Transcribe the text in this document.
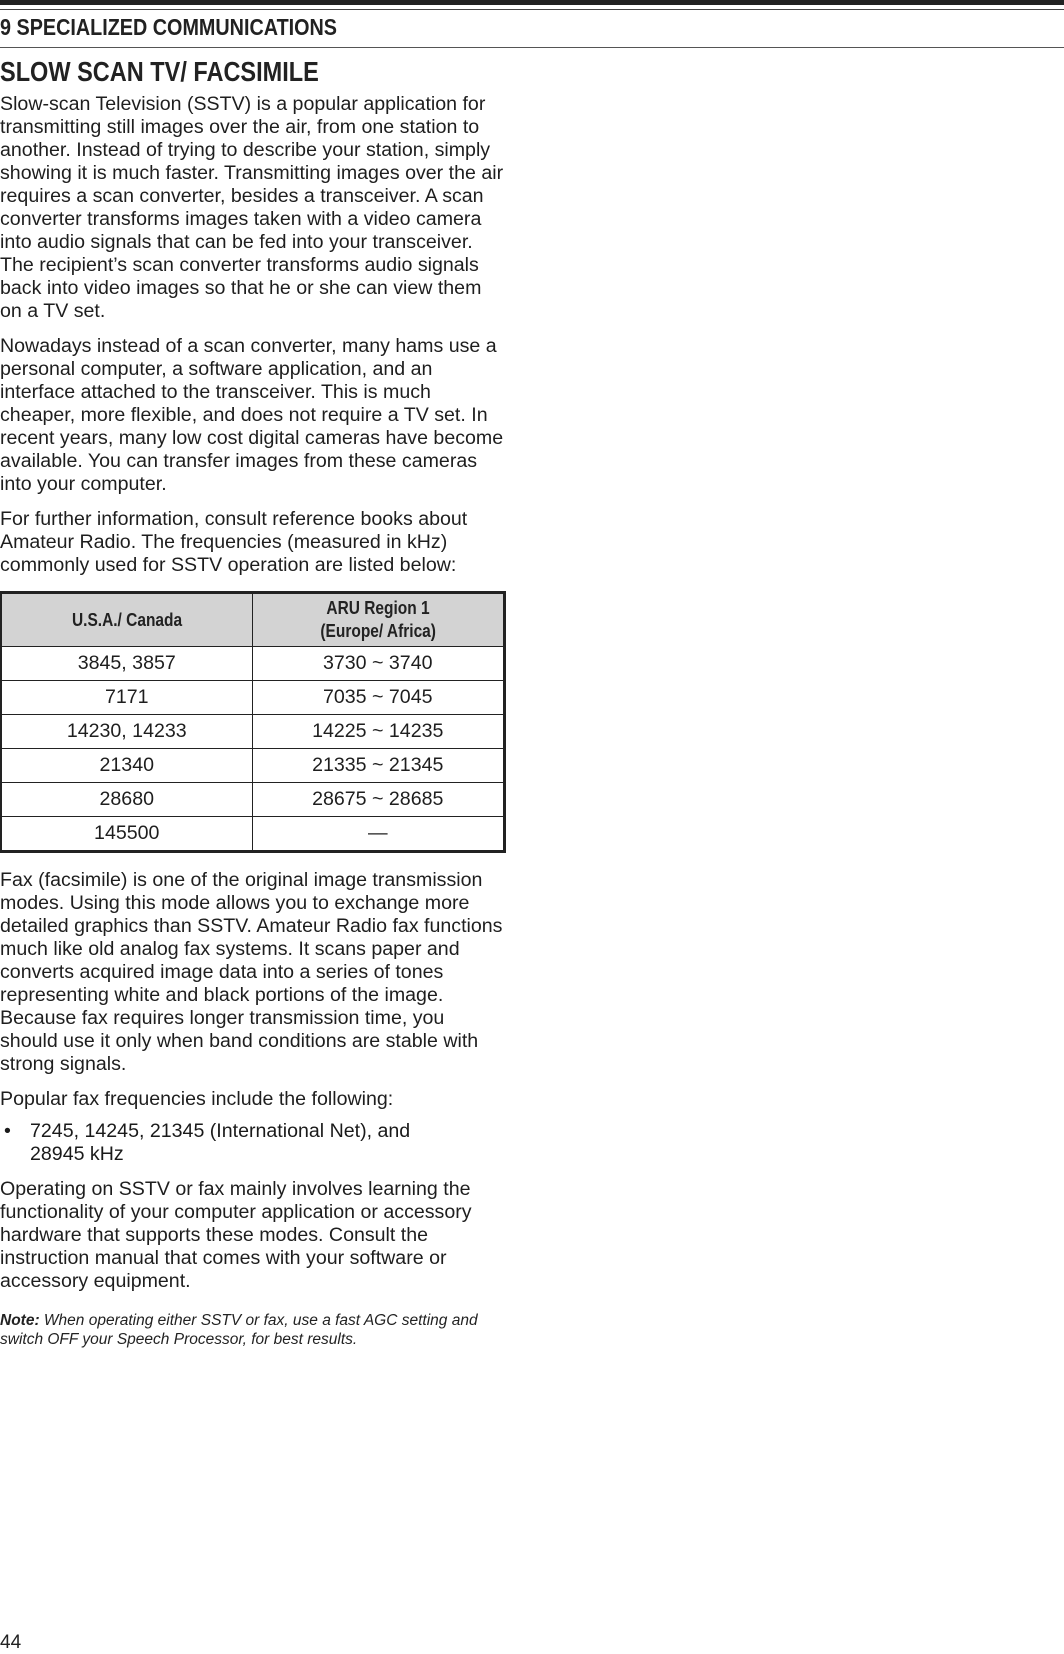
9 SPECIALIZED COMMUNICATIONS
SLOW SCAN TV/ FACSIMILE

Slow-scan Television (SSTV) is a popular application for transmitting still images over the air, from one station to another. Instead of trying to describe your station, simply showing it is much faster. Transmitting images over the air requires a scan converter, besides a transceiver. A scan converter transforms images taken with a video camera into audio signals that can be fed into your transceiver. The recipient’s scan converter transforms audio signals back into video images so that he or she can view them on a TV set.

Nowadays instead of a scan converter, many hams use a personal computer, a software application, and an interface attached to the transceiver. This is much cheaper, more flexible, and does not require a TV set. In recent years, many low cost digital cameras have become available. You can transfer images from these cameras into your computer.

For further information, consult reference books about Amateur Radio. The frequencies (measured in kHz) commonly used for SSTV operation are listed below:

U.S.A./ Canada	ARU Region 1
(Europe/ Africa)
3845, 3857	3730 ~ 3740
7171	7035 ~ 7045
14230, 14233	14225 ~ 14235
21340	21335 ~ 21345
28680	28675 ~ 28685
145500	—

Fax (facsimile) is one of the original image transmission modes. Using this mode allows you to exchange more detailed graphics than SSTV. Amateur Radio fax functions much like old analog fax systems. It scans paper and converts acquired image data into a series of tones representing white and black portions of the image. Because fax requires longer transmission time, you should use it only when band conditions are stable with strong signals.

Popular fax frequencies include the following:

• 7245, 14245, 21345 (International Net), and 28945 kHz

Operating on SSTV or fax mainly involves learning the functionality of your computer application or accessory hardware that supports these modes. Consult the instruction manual that comes with your software or accessory equipment.

Note: When operating either SSTV or fax, use a fast AGC setting and switch OFF your Speech Processor, for best results.

44
